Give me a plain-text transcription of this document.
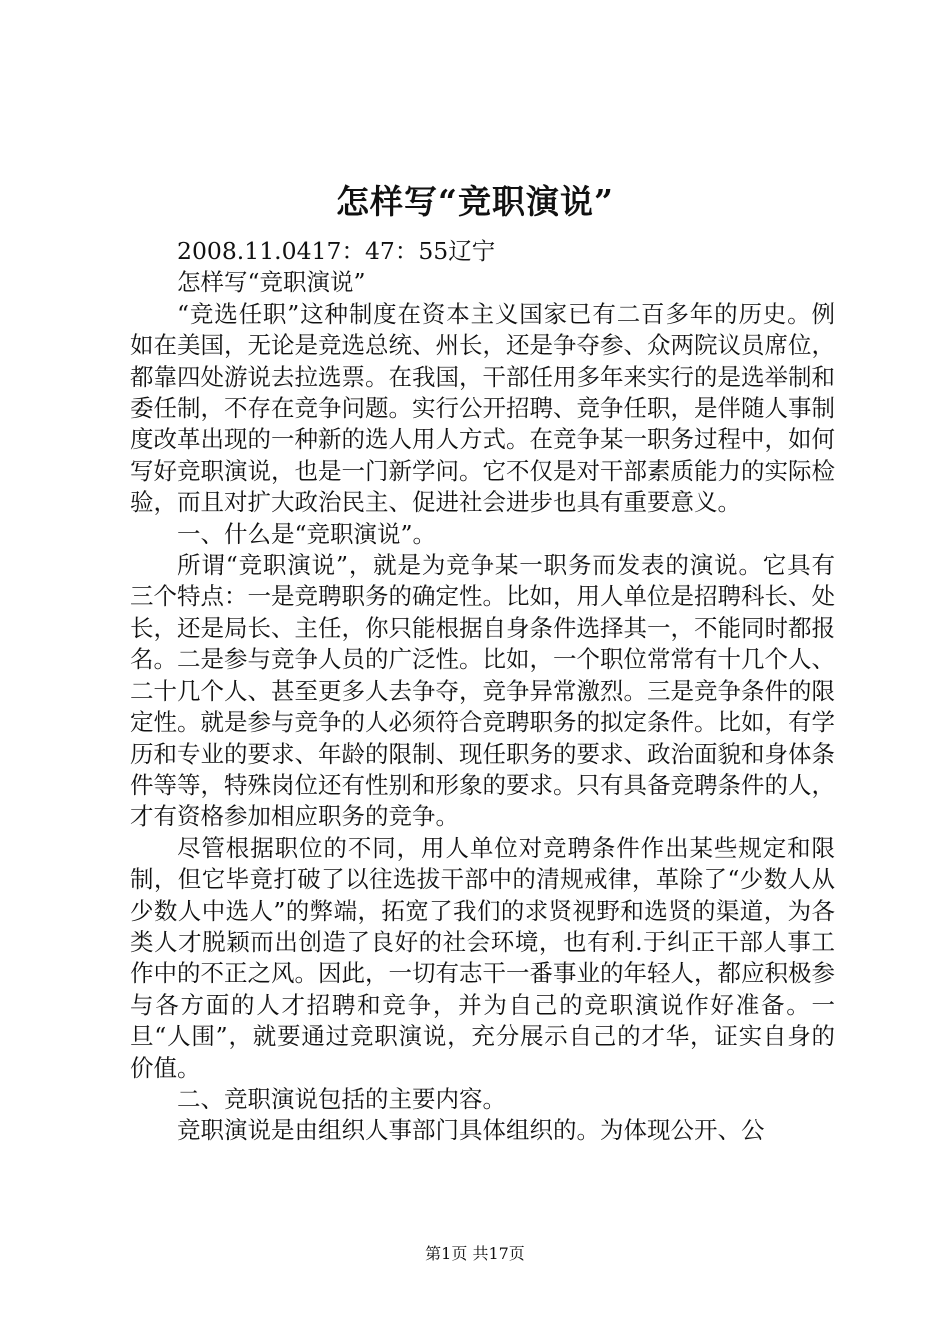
怎样写“竞职演说”

2008.11.0417：47：55辽宁

怎样写“竞职演说”

“竞选任职”这种制度在资本主义国家已有二百多年的历史。例如在美国，无论是竞选总统、州长，还是争夺参、众两院议员席位，都靠四处游说去拉选票。在我国，干部任用多年来实行的是选举制和委任制，不存在竞争问题。实行公开招聘、竞争任职，是伴随人事制度改革出现的一种新的选人用人方式。在竞争某一职务过程中，如何写好竞职演说，也是一门新学问。它不仅是对干部素质能力的实际检验，而且对扩大政治民主、促进社会进步也具有重要意义。

一、什么是“竞职演说”。

所谓“竞职演说”，就是为竞争某一职务而发表的演说。它具有三个特点：一是竞聘职务的确定性。比如，用人单位是招聘科长、处长，还是局长、主任，你只能根据自身条件选择其一，不能同时都报名。二是参与竞争人员的广泛性。比如，一个职位常常有十几个人、二十几个人、甚至更多人去争夺，竞争异常激烈。三是竞争条件的限定性。就是参与竞争的人必须符合竞聘职务的拟定条件。比如，有学历和专业的要求、年龄的限制、现任职务的要求、政治面貌和身体条件等等，特殊岗位还有性别和形象的要求。只有具备竞聘条件的人，才有资格参加相应职务的竞争。

尽管根据职位的不同，用人单位对竞聘条件作出某些规定和限制，但它毕竟打破了以往选拔干部中的清规戒律，革除了“少数人从少数人中选人”的弊端，拓宽了我们的求贤视野和选贤的渠道，为各类人才脱颖而出创造了良好的社会环境，也有利.于纠正干部人事工作中的不正之风。因此，一切有志干一番事业的年轻人，都应积极参与各方面的人才招聘和竞争，并为自己的竞职演说作好准备。一旦“人围”，就要通过竞职演说，充分展示自己的才华，证实自身的价值。

二、竞职演说包括的主要内容。

竞职演说是由组织人事部门具体组织的。为体现公开、公

第1页 共17页
